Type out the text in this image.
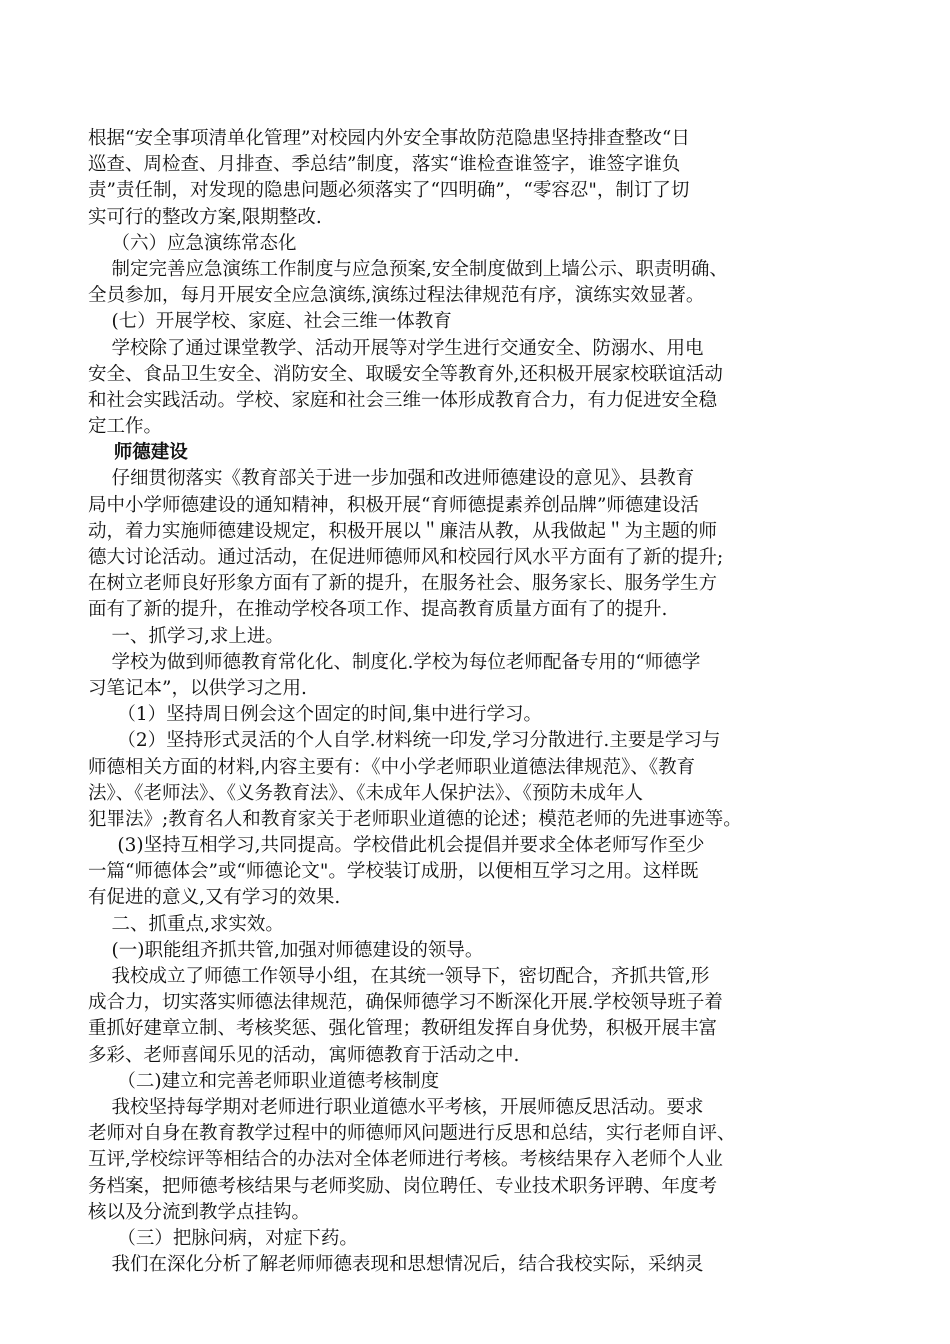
根据“安全事项清单化管理”对校园内外安全事故防范隐患坚持排查整改“日
巡查、周检查、月排查、季总结”制度，落实“谁检查谁签字，谁签字谁负
责”责任制，对发现的隐患问题必须落实了“四明确”，“零容忍"，制订了切
实可行的整改方案,限期整改.
（六）应急演练常态化
制定完善应急演练工作制度与应急预案,安全制度做到上墙公示、职责明确、
全员参加，每月开展安全应急演练,演练过程法律规范有序，演练实效显著。
(七）开展学校、家庭、社会三维一体教育
学校除了通过课堂教学、活动开展等对学生进行交通安全、防溺水、用电
安全、食品卫生安全、消防安全、取暖安全等教育外,还积极开展家校联谊活动
和社会实践活动。学校、家庭和社会三维一体形成教育合力，有力促进安全稳
定工作。
师德建设
仔细贯彻落实《教育部关于进一步加强和改进师德建设的意见》、县教育
局中小学师德建设的通知精神，积极开展“育师德提素养创品牌”师德建设活
动，着力实施师德建设规定，积极开展以＂廉洁从教，从我做起＂为主题的师
德大讨论活动。通过活动，在促进师德师风和校园行风水平方面有了新的提升;
在树立老师良好形象方面有了新的提升，在服务社会、服务家长、服务学生方
面有了新的提升，在推动学校各项工作、提高教育质量方面有了的提升.
一、抓学习,求上进。
学校为做到师德教育常化化、制度化.学校为每位老师配备专用的“师德学
习笔记本”，以供学习之用.
（1）坚持周日例会这个固定的时间,集中进行学习。
（2）坚持形式灵活的个人自学.材料统一印发,学习分散进行.主要是学习与
师德相关方面的材料,内容主要有：《中小学老师职业道德法律规范》、《教育
法》、《老师法》、《义务教育法》、《未成年人保护法》、《预防未成年人
犯罪法》;教育名人和教育家关于老师职业道德的论述；模范老师的先进事迹等。
(3)坚持互相学习,共同提高。学校借此机会提倡并要求全体老师写作至少
一篇“师德体会”或“师德论文"。学校装订成册，以便相互学习之用。这样既
有促进的意义,又有学习的效果.
二、抓重点,求实效。
(一)职能组齐抓共管,加强对师德建设的领导。
我校成立了师德工作领导小组，在其统一领导下，密切配合，齐抓共管,形
成合力，切实落实师德法律规范，确保师德学习不断深化开展.学校领导班子着
重抓好建章立制、考核奖惩、强化管理；教研组发挥自身优势，积极开展丰富
多彩、老师喜闻乐见的活动，寓师德教育于活动之中.
（二)建立和完善老师职业道德考核制度
我校坚持每学期对老师进行职业道德水平考核，开展师德反思活动。要求
老师对自身在教育教学过程中的师德师风问题进行反思和总结，实行老师自评、
互评,学校综评等相结合的办法对全体老师进行考核。考核结果存入老师个人业
务档案，把师德考核结果与老师奖励、岗位聘任、专业技术职务评聘、年度考
核以及分流到教学点挂钩。
（三）把脉问病，对症下药。
我们在深化分析了解老师师德表现和思想情况后，结合我校实际，采纳灵
